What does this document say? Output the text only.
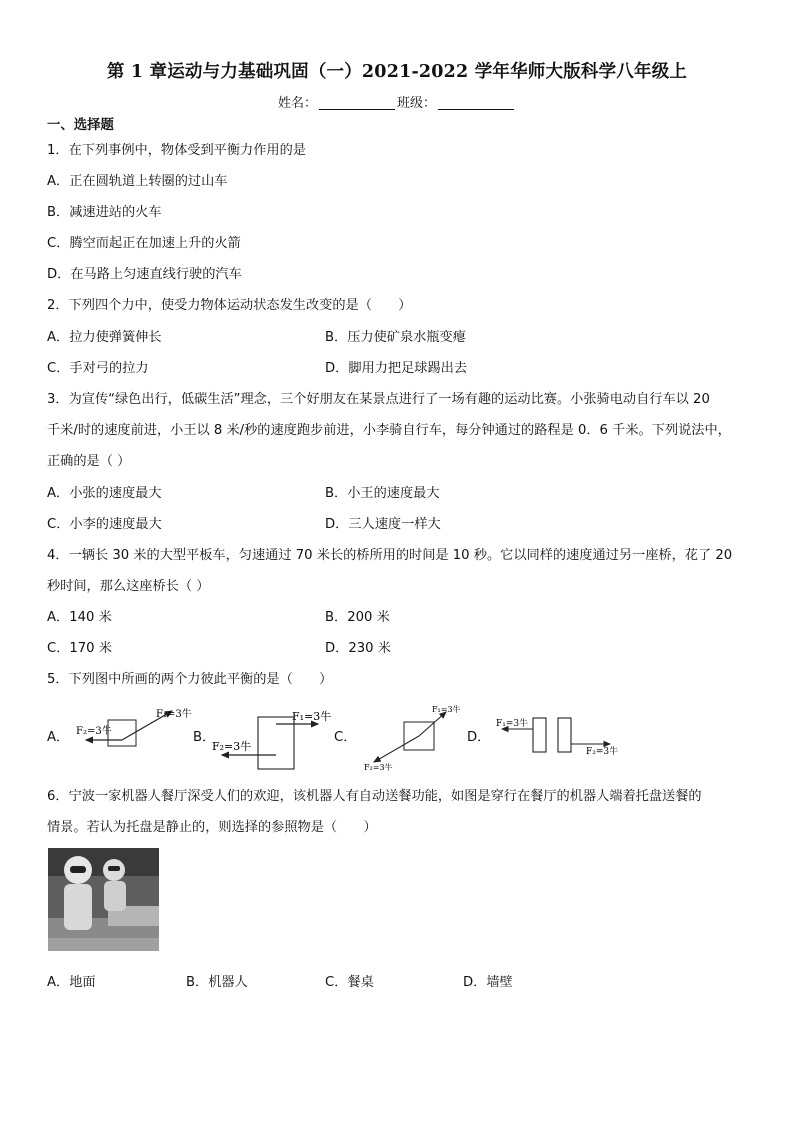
第 1 章运动与力基础巩固（一）2021-2022 学年华师大版科学八年级上
姓名：	班级：
一、选择题
1．在下列事例中，物体受到平衡力作用的是
A．正在圆轨道上转圈的过山车
B．减速进站的火车
C．腾空而起正在加速上升的火箭
D．在马路上匀速直线行驶的汽车
2．下列四个力中，使受力物体运动状态发生改变的是（　　）
A．拉力使弹簧伸长	B．压力使矿泉水瓶变瘪
C．手对弓的拉力	D．脚用力把足球踢出去
3．为宣传“绿色出行，低碳生活”理念，三个好朋友在某景点进行了一场有趣的运动比赛。小张骑电动自行车以 20
千米/时的速度前进，小王以 8 米/秒的速度跑步前进，小李骑自行车，每分钟通过的路程是 0．6 千米。下列说法中，
正确的是（ ）
A．小张的速度最大	B．小王的速度最大
C．小李的速度最大	D．三人速度一样大
4．一辆长 30 米的大型平板车，匀速通过 70 米长的桥所用的时间是 10 秒。它以同样的速度通过另一座桥，花了 20
秒时间，那么这座桥长（ ）
A．140 米	B．200 米
C．170 米	D．230 米
5．下列图中所画的两个力彼此平衡的是（　　）
A．	B．	C．	D．
F₂=3牛
F₁=3牛	F₁=3牛
F₂=3牛
F₁=3牛
F₂=3牛
F₁=3牛
F₂=3牛
6．宁波一家机器人餐厅深受人们的欢迎，该机器人有自动送餐功能，如图是穿行在餐厅的机器人端着托盘送餐的
情景。若认为托盘是静止的，则选择的参照物是（　　）
A．地面	B．机器人	C．餐桌	D．墙壁
